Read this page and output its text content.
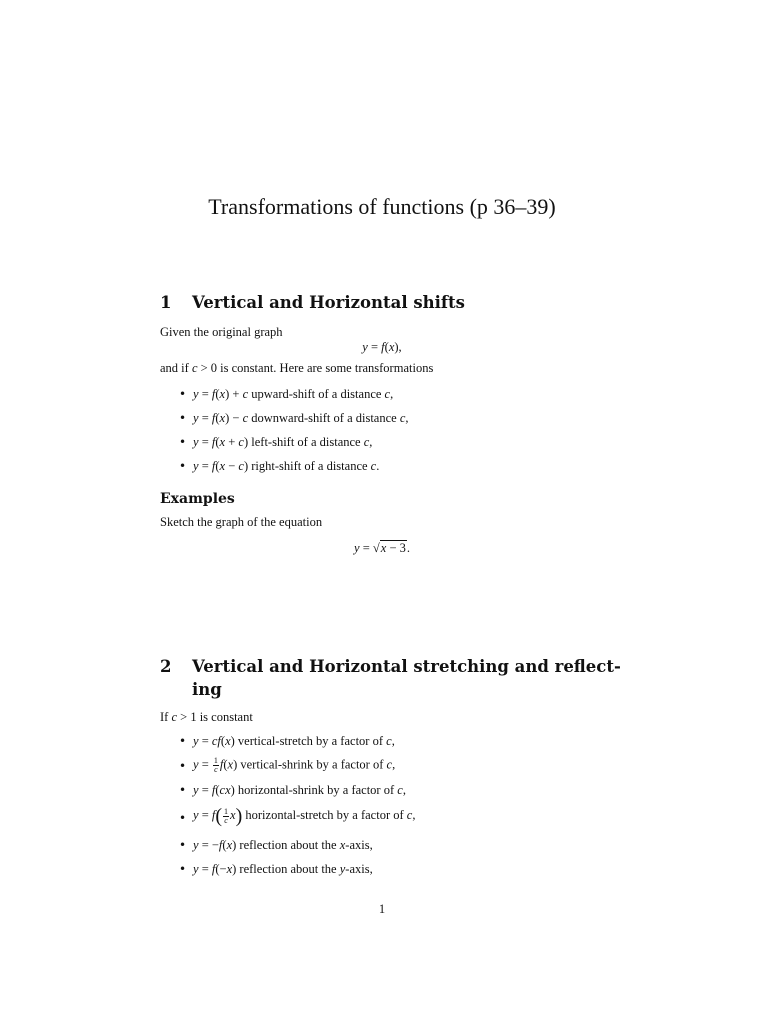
Transformations of functions (p 36–39)
1 Vertical and Horizontal shifts
Given the original graph
y = f(x),
and if c > 0 is constant. Here are some transformations
• y = f(x) + c upward-shift of a distance c,
• y = f(x) − c downward-shift of a distance c,
• y = f(x + c) left-shift of a distance c,
• y = f(x − c) right-shift of a distance c.
Examples
Sketch the graph of the equation
y = √x − 3.
2 Vertical and Horizontal stretching and reflect-
ing
If c > 1 is constant
• y = cf(x) vertical-stretch by a factor of c,
• $y = \frac{1}{c} f(x)$ vertical-shrink by a factor of c,
• y = f(cx) horizontal-shrink by a factor of c,
• $y = f( \frac{1}{c} x)$ horizontal-stretch by a factor of c,
• y = −f(x) reflection about the x-axis,
• y = f(−x) reflection about the y-axis,
1
